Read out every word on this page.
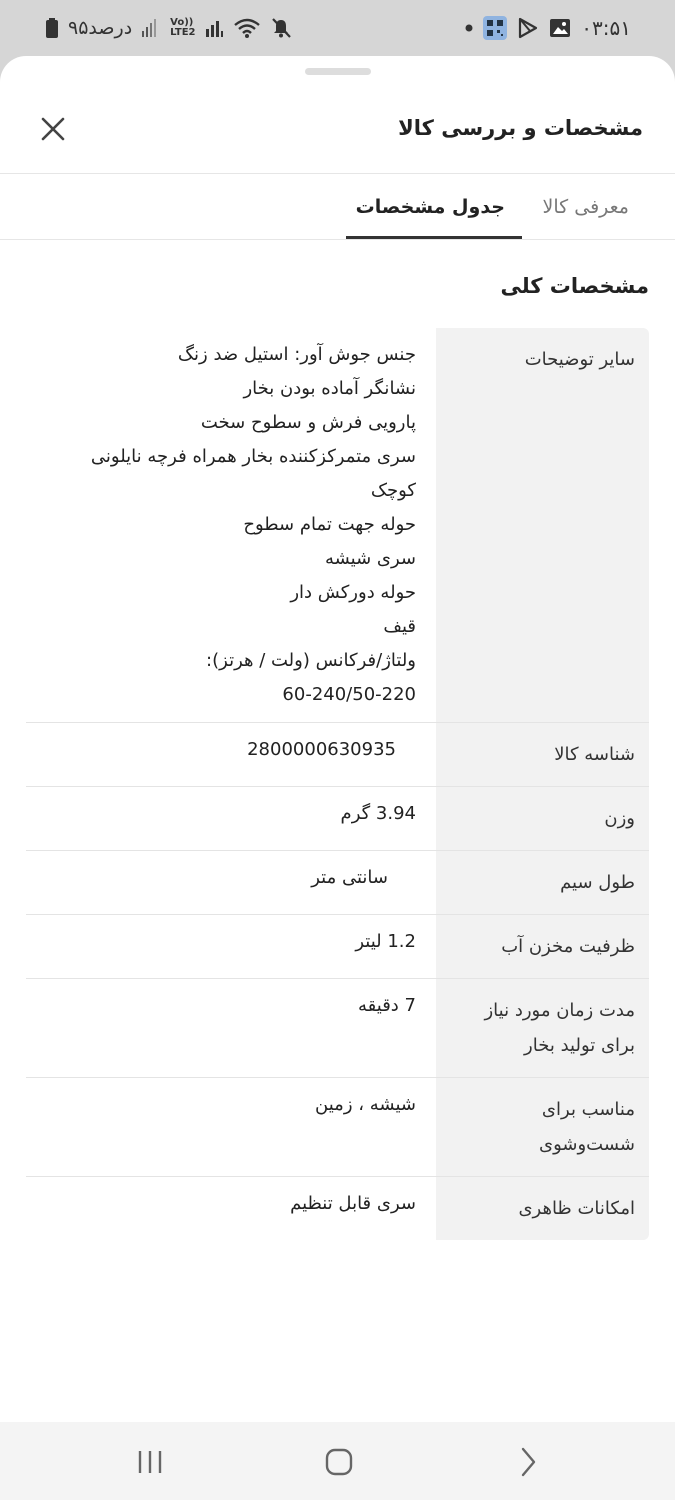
۹۵درصد	Vo))
LTE2	۰۳:۵۱
مشخصات و بررسی کالا
معرفی کالا
جدول مشخصات
مشخصات کلی
سایر توضیحات
جنس جوش آور: استیل ضد زنگ
نشانگر آماده بودن بخار
پارویی فرش و سطوح سخت
سری متمرکزکننده بخار همراه فرچه نایلونی
کوچک
حوله جهت تمام سطوح
سری شیشه
حوله دورکش دار
قیف
ولتاژ/فرکانس (ولت / هرتز):
60-240/50-220
شناسه کالا
2800000630935
وزن
3.94 گرم
طول سیم
سانتی متر
ظرفیت مخزن آب
1.2 لیتر
مدت زمان مورد نیاز برای تولید بخار
7 دقیقه
مناسب برای شست‌وشوی
شیشه ، زمین
امکانات ظاهری
سری قابل تنظیم
